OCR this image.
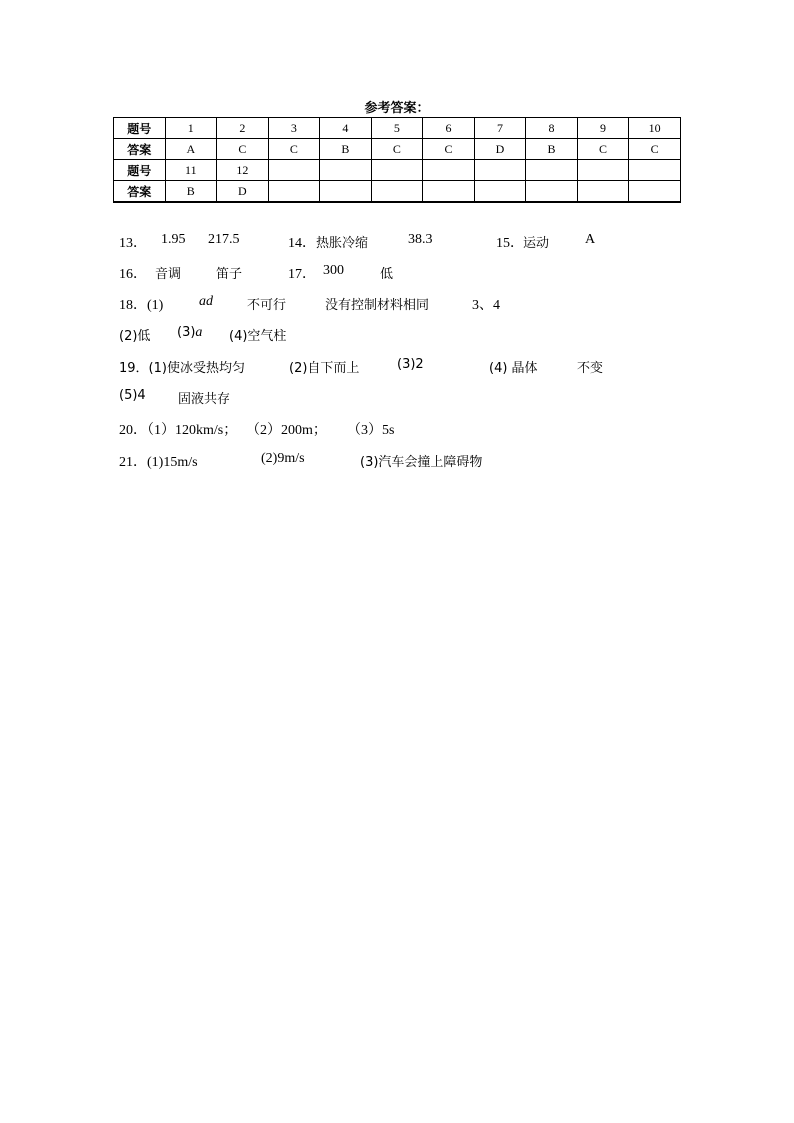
参考答案：
题号	1	2	3	4	5	6	7	8	9	10
答案	A	C	C	B	C	C	D	B	C	C
题号	11	12								
答案	B	D								
13． 1.95 217.5	14． 热胀冷缩	38.3	15． 运动	A
16． 音调	笛子	17． 300	低
18．(1)	ad	不可行	没有控制材料相同	3、4
(2)低 (3)a (4)空气柱
19．(1)使冰受热均匀	(2)自下而上	(3)2	(4) 晶体	不变
(5)4 固液共存
20．（1）120km/s； （2）200m； （3）5s
21．(1)15m/s	(2)9m/s	(3)汽车会撞上障碍物
